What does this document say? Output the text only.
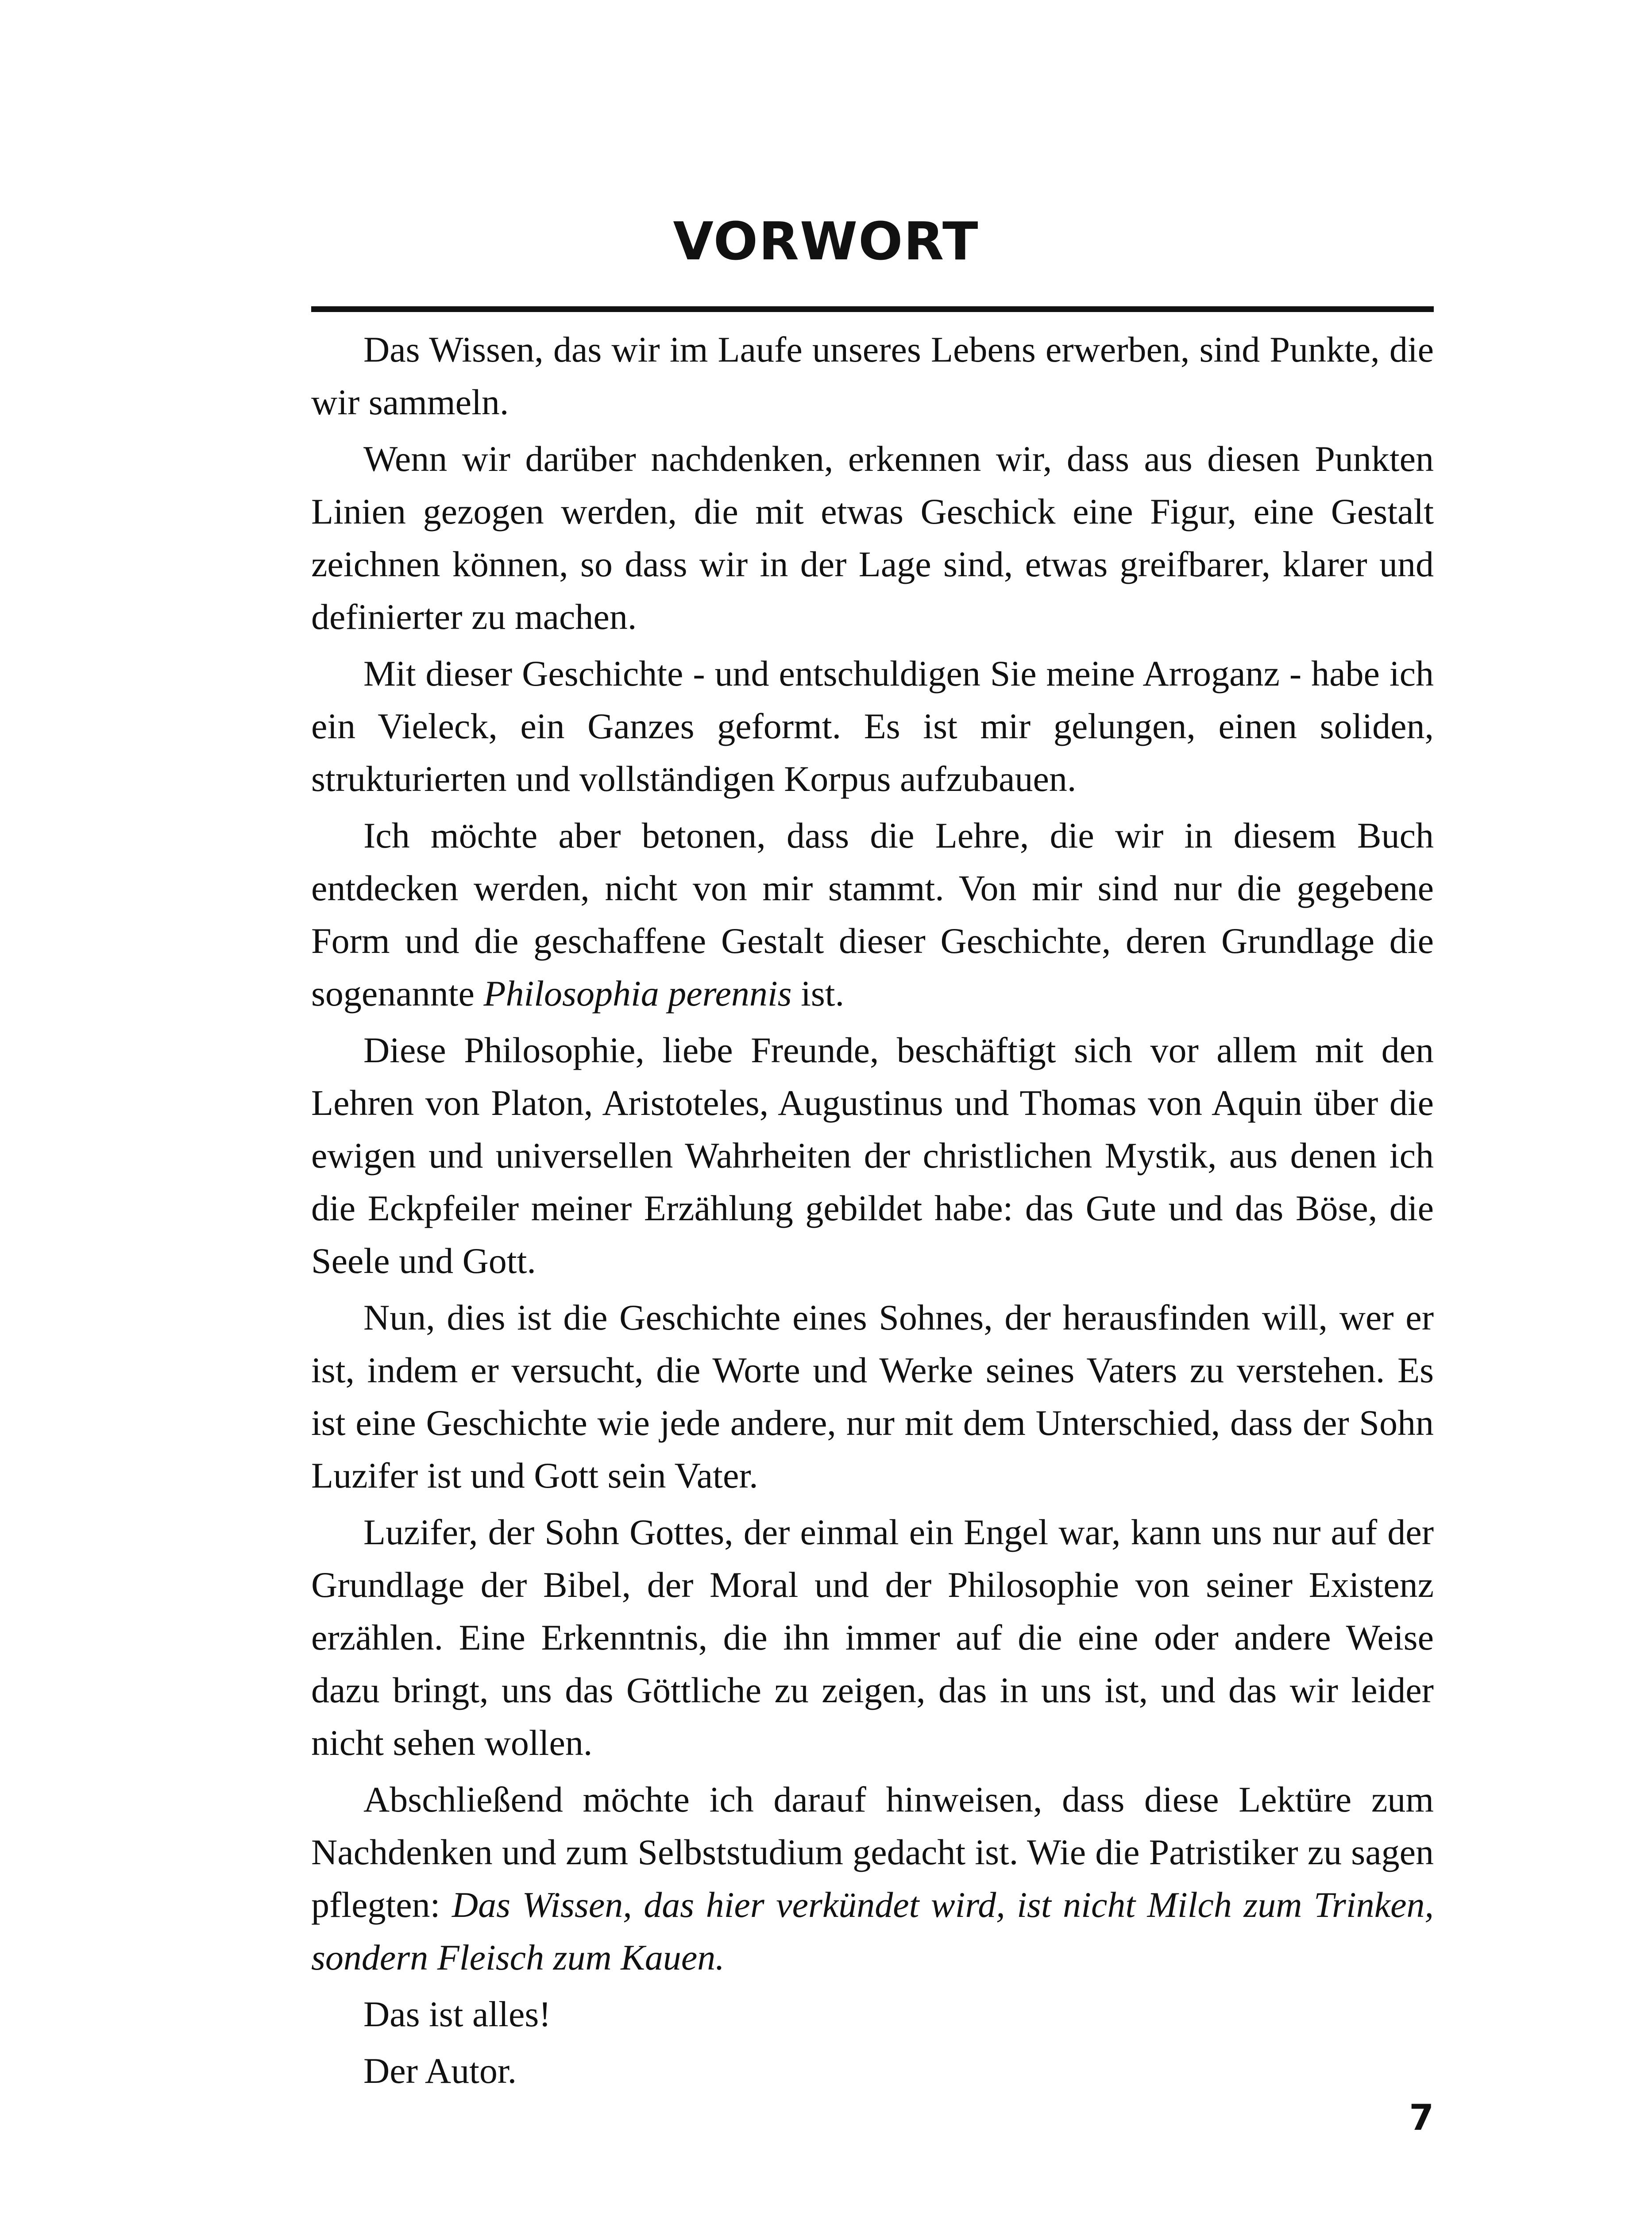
VORWORT

Das Wissen, das wir im Laufe unseres Lebens erwerben, sind Punkte, die wir sammeln.

Wenn wir darüber nachdenken, erkennen wir, dass aus diesen Punkten Linien gezogen werden, die mit etwas Geschick eine Figur, eine Gestalt zeichnen können, so dass wir in der Lage sind, etwas greifbarer, klarer und definierter zu machen.

Mit dieser Geschichte - und entschuldigen Sie meine Arroganz - habe ich ein Vieleck, ein Ganzes geformt. Es ist mir gelungen, einen soliden, strukturierten und vollständigen Korpus aufzubauen.

Ich möchte aber betonen, dass die Lehre, die wir in diesem Buch entdecken werden, nicht von mir stammt. Von mir sind nur die gegebene Form und die geschaffene Gestalt dieser Geschichte, deren Grundlage die sogenannte Philosophia perennis ist.

Diese Philosophie, liebe Freunde, beschäftigt sich vor allem mit den Lehren von Platon, Aristoteles, Augustinus und Thomas von Aquin über die ewigen und universellen Wahrheiten der christlichen Mystik, aus denen ich die Eckpfeiler meiner Erzählung gebildet habe: das Gute und das Böse, die Seele und Gott.

Nun, dies ist die Geschichte eines Sohnes, der herausfinden will, wer er ist, indem er versucht, die Worte und Werke seines Vaters zu verstehen. Es ist eine Geschichte wie jede andere, nur mit dem Unterschied, dass der Sohn Luzifer ist und Gott sein Vater.

Luzifer, der Sohn Gottes, der einmal ein Engel war, kann uns nur auf der Grundlage der Bibel, der Moral und der Philosophie von seiner Existenz erzählen. Eine Erkenntnis, die ihn immer auf die eine oder andere Weise dazu bringt, uns das Göttliche zu zeigen, das in uns ist, und das wir leider nicht sehen wollen.

Abschließend möchte ich darauf hinweisen, dass diese Lektüre zum Nachdenken und zum Selbststudium gedacht ist. Wie die Patristiker zu sagen pflegten: Das Wissen, das hier verkündet wird, ist nicht Milch zum Trinken, sondern Fleisch zum Kauen.

Das ist alles!

Der Autor.

7
